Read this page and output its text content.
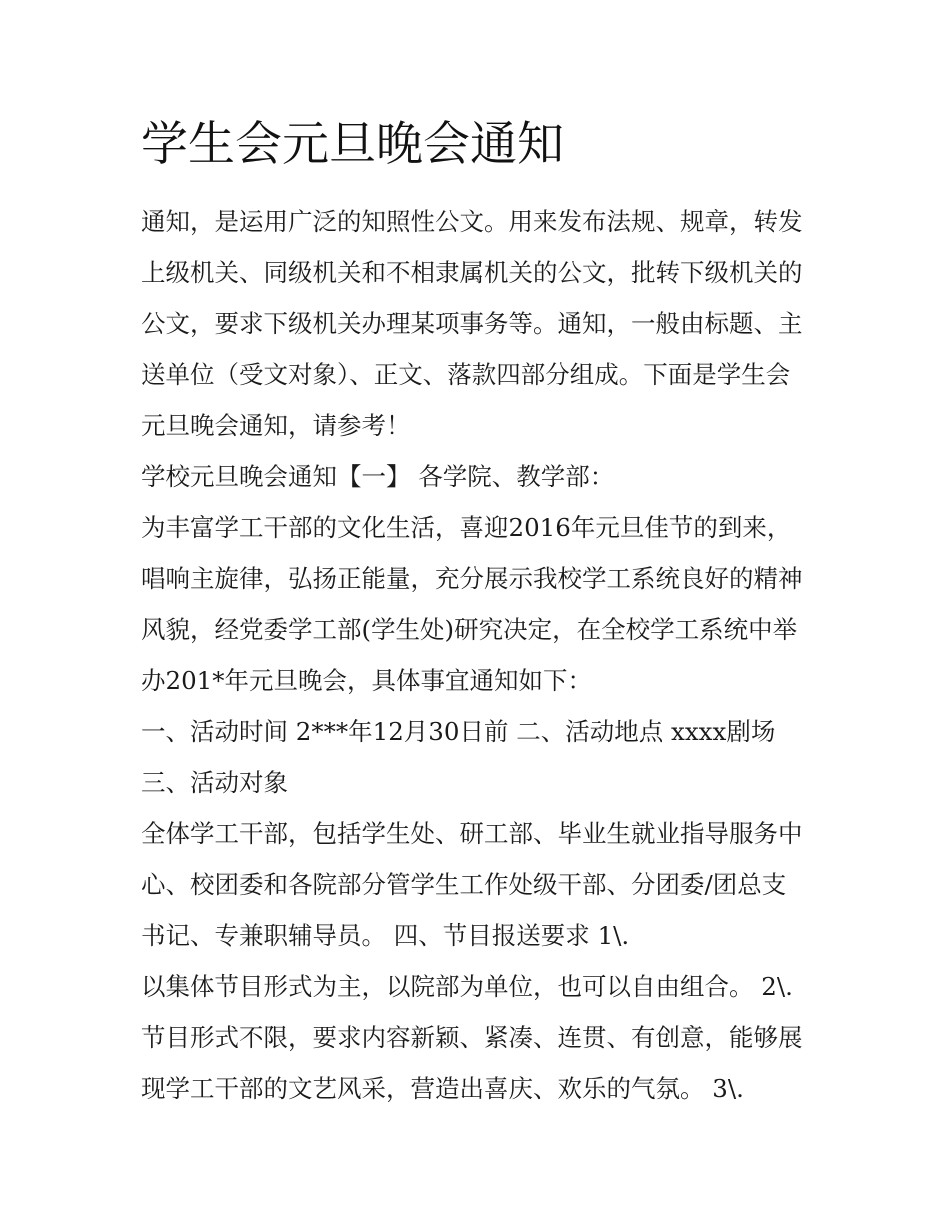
学生会元旦晚会通知
通知，是运用广泛的知照性公文。用来发布法规、规章，转发
上级机关、同级机关和不相隶属机关的公文，批转下级机关的
公文，要求下级机关办理某项事务等。通知，一般由标题、主
送单位（受文对象）、正文、落款四部分组成。下面是学生会
元旦晚会通知，请参考！
学校元旦晚会通知【一】 各学院、教学部：
为丰富学工干部的文化生活，喜迎2016年元旦佳节的到来，
唱响主旋律，弘扬正能量，充分展示我校学工系统良好的精神
风貌，经党委学工部(学生处)研究决定，在全校学工系统中举
办201*年元旦晚会，具体事宜通知如下：
一、活动时间 2***年12月30日前 二、活动地点 xxxx剧场
三、活动对象
全体学工干部，包括学生处、研工部、毕业生就业指导服务中
心、校团委和各院部分管学生工作处级干部、分团委/团总支
书记、专兼职辅导员。 四、节目报送要求 1\.
以集体节目形式为主，以院部为单位，也可以自由组合。 2\.
节目形式不限，要求内容新颖、紧凑、连贯、有创意，能够展
现学工干部的文艺风采，营造出喜庆、欢乐的气氛。 3\.
